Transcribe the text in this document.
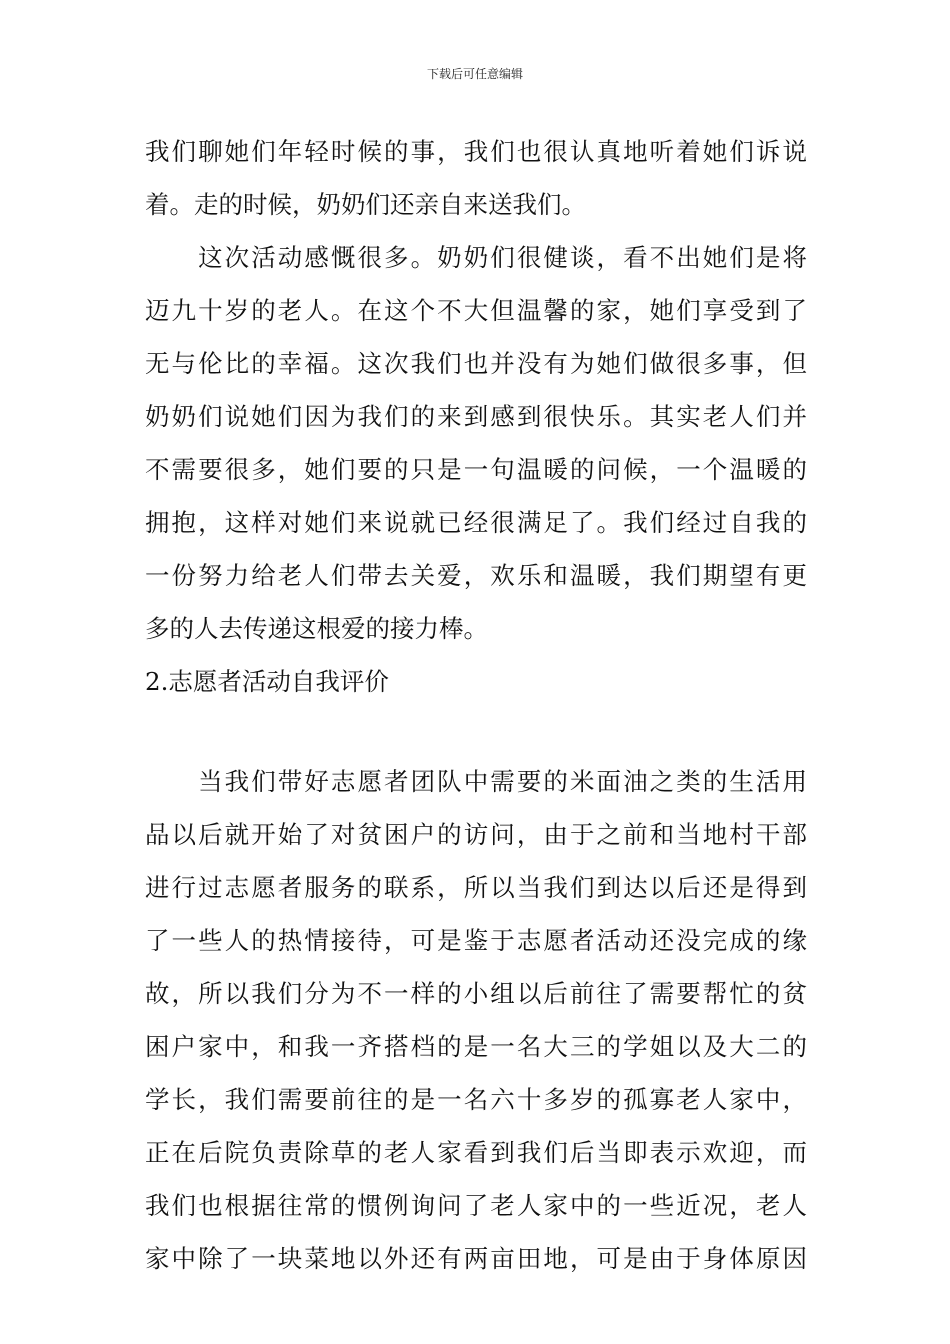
下载后可任意编辑
我们聊她们年轻时候的事，我们也很认真地听着她们诉说
着。走的时候，奶奶们还亲自来送我们。
　　这次活动感慨很多。奶奶们很健谈，看不出她们是将
迈九十岁的老人。在这个不大但温馨的家，她们享受到了
无与伦比的幸福。这次我们也并没有为她们做很多事，但
奶奶们说她们因为我们的来到感到很快乐。其实老人们并
不需要很多，她们要的只是一句温暖的问候，一个温暖的
拥抱，这样对她们来说就已经很满足了。我们经过自我的
一份努力给老人们带去关爱，欢乐和温暖，我们期望有更
多的人去传递这根爱的接力棒。
2.志愿者活动自我评价
　　当我们带好志愿者团队中需要的米面油之类的生活用
品以后就开始了对贫困户的访问，由于之前和当地村干部
进行过志愿者服务的联系，所以当我们到达以后还是得到
了一些人的热情接待，可是鉴于志愿者活动还没完成的缘
故，所以我们分为不一样的小组以后前往了需要帮忙的贫
困户家中，和我一齐搭档的是一名大三的学姐以及大二的
学长，我们需要前往的是一名六十多岁的孤寡老人家中，
正在后院负责除草的老人家看到我们后当即表示欢迎，而
我们也根据往常的惯例询问了老人家中的一些近况，老人
家中除了一块菜地以外还有两亩田地，可是由于身体原因
